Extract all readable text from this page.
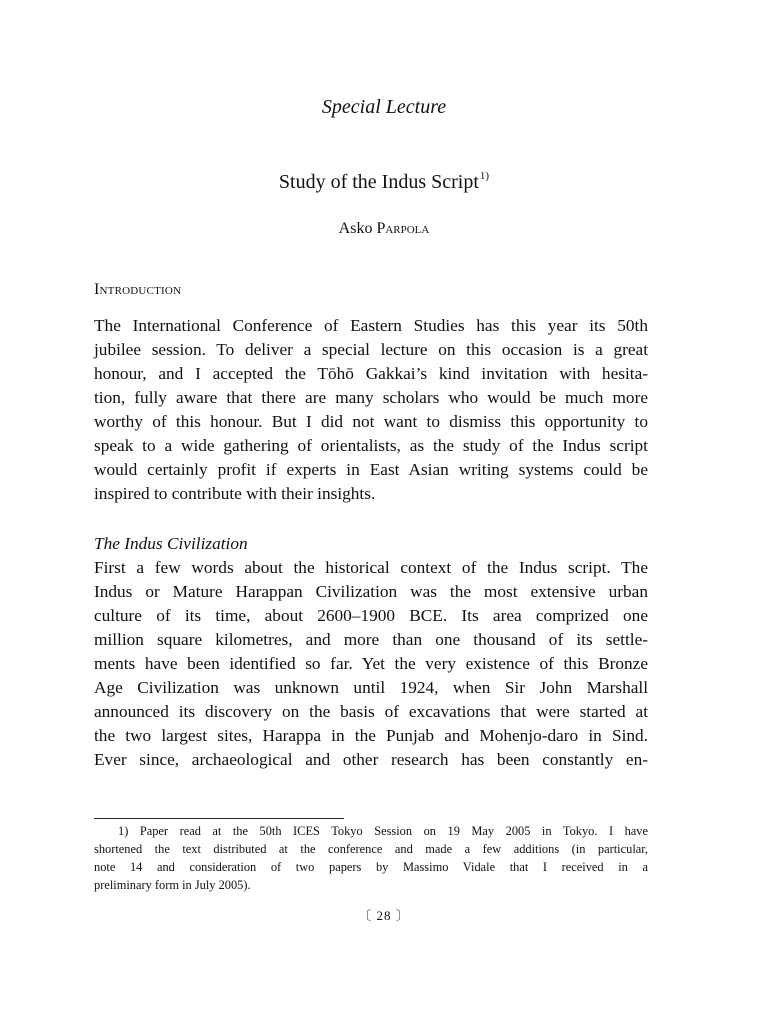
Special Lecture
Study of the Indus Script$^{1)}$
Asko Parpola
Introduction

The International Conference of Eastern Studies has this year its 50th
jubilee session. To deliver a special lecture on this occasion is a great
honour, and I accepted the Tōhō Gakkai’s kind invitation with hesita-
tion, fully aware that there are many scholars who would be much more
worthy of this honour. But I did not want to dismiss this opportunity to
speak to a wide gathering of orientalists, as the study of the Indus script
would certainly profit if experts in East Asian writing systems could be
inspired to contribute with their insights.

The Indus Civilization

First a few words about the historical context of the Indus script. The
Indus or Mature Harappan Civilization was the most extensive urban
culture of its time, about 2600–1900 BCE. Its area comprized one
million square kilometres, and more than one thousand of its settle-
ments have been identified so far. Yet the very existence of this Bronze
Age Civilization was unknown until 1924, when Sir John Marshall
announced its discovery on the basis of excavations that were started at
the two largest sites, Harappa in the Punjab and Mohenjo-daro in Sind.
Ever since, archaeological and other research has been constantly en-

1) Paper read at the 50th ICES Tokyo Session on 19 May 2005 in Tokyo. I have
shortened the text distributed at the conference and made a few additions (in particular,
note 14 and consideration of two papers by Massimo Vidale that I received in a
preliminary form in July 2005).

〔 28 〕
